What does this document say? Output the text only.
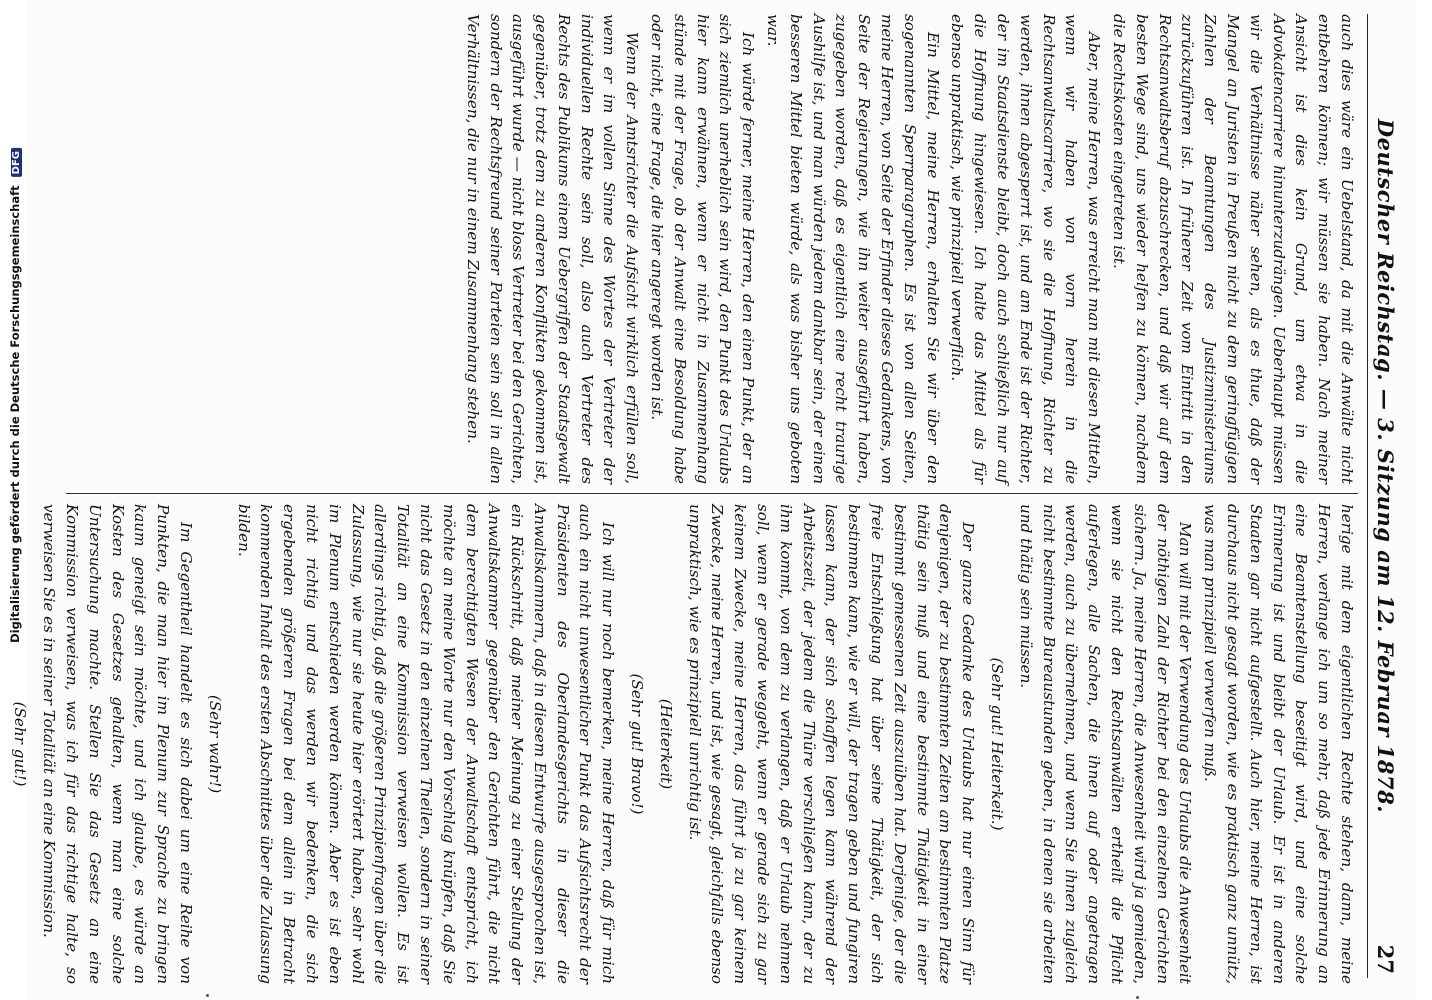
Deutscher Reichstag. — 3. Sitzung am 12. Februar 1878.
27

auch dies wäre ein Uebelstand, da mit die Anwälte nicht entbehren können; wir müssen sie haben. Nach meiner Ansicht ist dies kein Grund, um etwa in die Advokatencarriere hinunterzudrängen. Ueberhaupt müssen wir die Verhältnisse näher sehen, als es thue, daß der Mangel an Juristen in Preußen nicht zu dem geringfügigen Zahlen der Beamtungen des Justizministeriums zurückzuführen ist. In früherer Zeit vom Eintritt in den Rechtsanwaltsberuf abzuschrecken, und daß wir auf dem besten Wege sind, uns wieder helfen zu können, nachdem die Rechtskosten eingetreten ist.

Aber, meine Herren, was erreicht man mit diesen Mitteln, wenn wir haben von vorn herein in die Rechtsanwaltscarriere, wo sie die Hoffnung, Richter zu werden, ihnen abgesperrt ist, und am Ende ist der Richter, der im Staatsdienste bleibt, doch auch schließlich nur auf die Hoffnung hingewiesen. Ich halte das Mittel als für ebenso unpraktisch, wie prinzipiell verwerflich.

Ein Mittel, meine Herren, erhalten Sie wir über den sogenannten Sperrparagraphen. Es ist von allen Seiten, meine Herren, von Seite der Erfinder dieses Gedankens, von Seite der Regierungen, wie ihn weiter ausgeführt haben, zugegeben worden, daß es eigentlich eine recht traurige Aushilfe ist, und man würden jedem dankbar sein, der einen besseren Mittel bieten würde, als was bisher uns geboten war.

Ich würde ferner, meine Herren, den einen Punkt, der an sich ziemlich unerheblich sein wird, den Punkt des Urlaubs hier kann erwähnen, wenn er nicht in Zusammenhang stünde mit der Frage, ob der Anwalt eine Besoldung habe oder nicht, eine Frage, die hier angeregt worden ist.

Wenn der Amtsrichter die Aufsicht wirklich erfüllen soll, wenn er im vollen Sinne des Wortes der Vertreter der individuellen Rechte sein soll, also auch Vertreter des Rechts des Publikums einem Uebergriffen der Staatsgewalt gegenüber, trotz dem zu anderen Konflikten gekommen ist, ausgeführt wurde — nicht bloss Vertreter bei den Gerichten, sondern der Rechtsfreund seiner Parteien sein soll in allen Verhältnissen, die nur in einem Zusammenhang stehen.

herige mit dem eigentlichen Rechte stehen, dann, meine Herren, verlange ich um so mehr, daß jede Erinnerung an eine Beamtenstellung beseitigt wird, und eine solche Erinnerung ist und bleibt der Urlaub. Er ist in anderen Staaten gar nicht aufgestellt. Auch hier, meine Herren, ist durchaus nicht gesagt worden, wie es praktisch ganz unnütz, was man prinzipiell verwerfen muß.

Man will mit der Verwendung des Urlaubs die Anwesenheit der nöthigen Zahl der Richter bei den einzelnen Gerichten sichern. Ja, meine Herren, die Anwesenheit wird ja gemieden, wenn sie nicht den Rechtsanwälten ertheilt die Pflicht auferlegen, alle Sachen, die ihnen auf oder angetragen werden, auch zu übernehmen, und wenn Sie ihnen zugleich nicht bestimmte Bureaustunden geben, in denen sie arbeiten und thätig sein müssen.

(Sehr gut! Heiterkeit.)

Der ganze Gedanke des Urlaubs hat nur einen Sinn für denjenigen, der zu bestimmten Zeiten am bestimmten Platze thätig sein muß und eine bestimmte Thätigkeit in einer bestimmt gemessenen Zeit auszuüben hat. Derjenige, der die freie Entschließung hat über seine Thätigkeit, der sich bestimmen kann, wie er will, der tragen geben und fungiren lassen kann, der sich schaffen legen kann während der Arbeitszeit, der jedem die Thüre verschließen kann, der zu ihm kommt, von dem zu verlangen, daß er Urlaub nehmen soll, wenn er gerade weggeht, wenn er gerade sich zu gar keinem Zwecke, meine Herren, das führt ja zu gar keinem Zwecke, meine Herren, und ist, wie gesagt, gleichfalls ebenso unpraktisch, wie es prinzipiell unrichtig ist.

(Heiterkeit)
(Sehr gut! Bravo!)

Ich will nur noch bemerken, meine Herren, daß für mich auch ein nicht unwesentlicher Punkt das Aufsichtsrecht der Präsidenten des Oberlandesgerichts in dieser die Anwaltskammern, daß in diesem Entwurfe ausgesprochen ist, ein Rückschritt, daß meiner Meinung zu einer Stellung der Anwaltskammer gegenüber den Gerichten führt, die nicht dem berechtigten Wesen der Anwaltschaft entspricht, ich möchte an meine Worte nur den Vorschlag knüpfen, daß Sie nicht das Gesetz in den einzelnen Theilen, sondern in seiner Totalität an eine Kommission verweisen wollen. Es ist allerdings richtig, daß die größeren Prinzipienfragen über die Zulassung, wie nur sie heute hier erörtert haben, sehr wohl im Plenum entschieden werden können. Aber es ist eben nicht richtig und das werden wir bedenken, die sich ergebenden größeren Fragen bei dem allein in Betracht kommenden Inhalt des ersten Abschnittes über die Zulassung bilden.

(Sehr wahr!)

Im Gegentheil handelt es sich dabei um eine Reihe von Punkten, die man hier im Plenum zur Sprache zu bringen kaum geneigt sein möchte, und ich glaube, es würde an Kosten des Gesetzes gehalten, wenn man eine solche Untersuchung machte. Stellen Sie das Gesetz an eine Kommission verweisen, was ich für das richtige halte, so verweisen Sie es in seiner Totalität an eine Kommission.

(Sehr gut!)

Digitalisierung gefördert durch die Deutsche Forschungsgemeinschaft DFG
